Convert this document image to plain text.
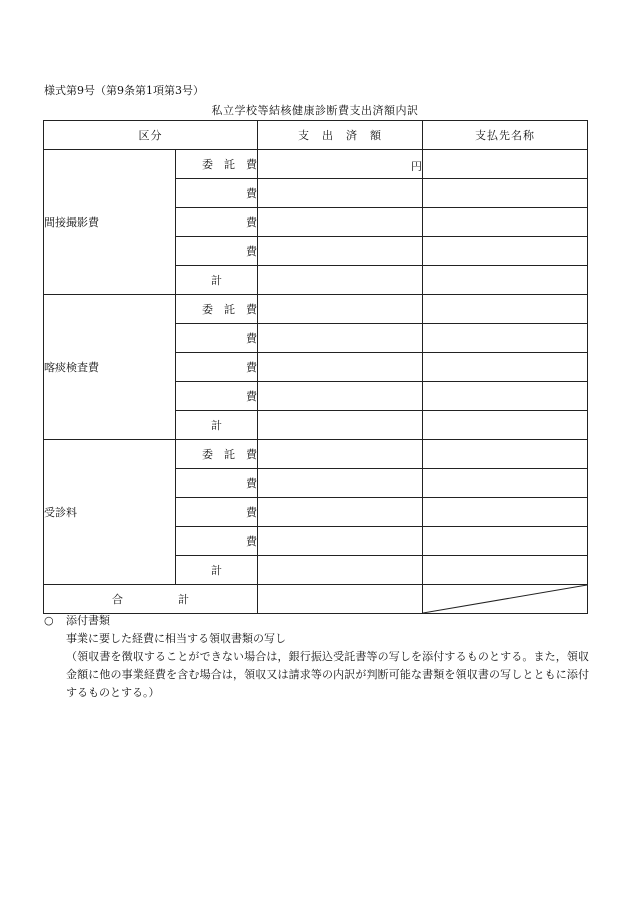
様式第9号（第9条第1項第3号）
私立学校等結核健康診断費支出済額内訳
区分		支　出　済　額	支払先名称
間接撮影費	委　託　費	円	
	費		
	費		
	費		
	計		
喀痰検査費	委　託　費		
	費		
	費		
	費		
	計		
受診料	委　託　費		
	費		
	費		
	費		
	計		
合　　　　　計		
○	添付書類
事業に要した経費に相当する領収書類の写し
（領収書を徴収することができない場合は，銀行振込受託書等の写しを添付するものとする。また，領収金額に他の事業経費を含む場合は，領収又は請求等の内訳が判断可能な書類を領収書の写しとともに添付するものとする。）
